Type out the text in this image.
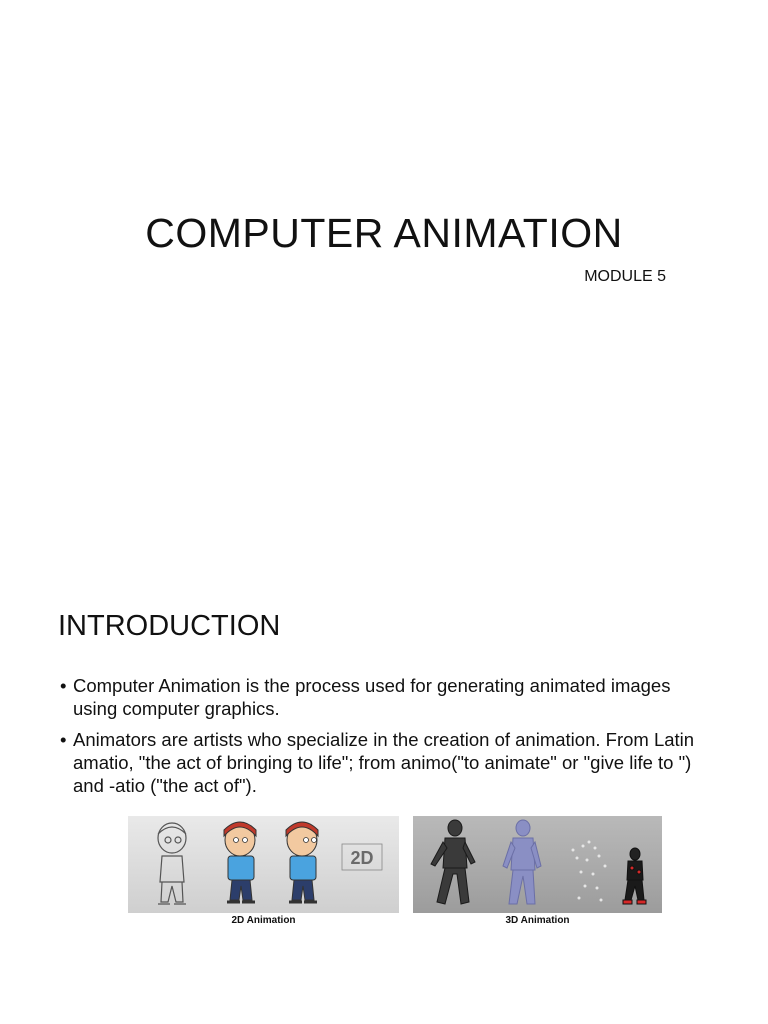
COMPUTER ANIMATION
MODULE 5
INTRODUCTION
• Computer Animation is the process used for generating animated images using computer graphics.
• Animators are artists who specialize in the creation of animation. From Latin amatio, "the act of bringing to life"; from animo("to animate" or "give life to ") and -atio ("the act of").
2D
2D Animation	3D Animation
